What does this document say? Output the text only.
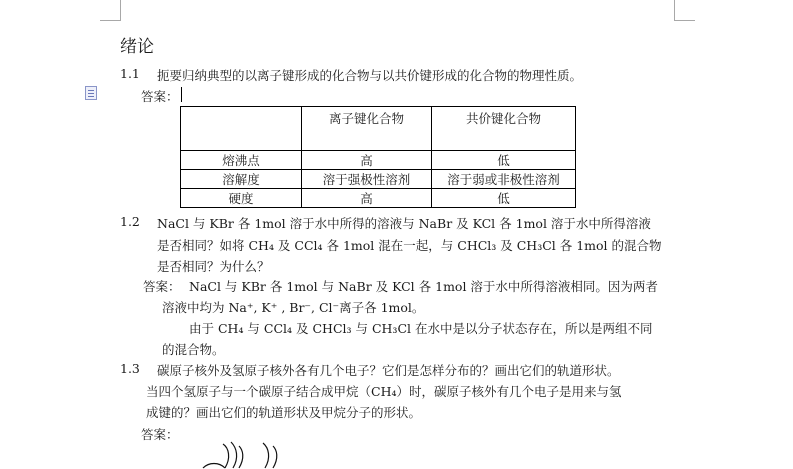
绪论
1.1 扼要归纳典型的以离子键形成的化合物与以共价键形成的化合物的物理性质。
答案：
	离子键化合物	共价键化合物
熔沸点	高	低
溶解度	溶于强极性溶剂	溶于弱或非极性溶剂
硬度	高	低
1.2 NaCl 与 KBr 各 1mol 溶于水中所得的溶液与 NaBr 及 KCl 各 1mol 溶于水中所得溶液
是否相同？如将 CH₄ 及 CCl₄ 各 1mol 混在一起，与 CHCl₃ 及 CH₃Cl 各 1mol 的混合物
是否相同？为什么？
答案： NaCl 与 KBr 各 1mol 与 NaBr 及 KCl 各 1mol 溶于水中所得溶液相同。因为两者
溶液中均为 Na⁺, K⁺ , Br⁻, Cl⁻离子各 1mol。
由于 CH₄ 与 CCl₄ 及 CHCl₃ 与 CH₃Cl 在水中是以分子状态存在，所以是两组不同
的混合物。
1.3 碳原子核外及氢原子核外各有几个电子？它们是怎样分布的？画出它们的轨道形状。
当四个氢原子与一个碳原子结合成甲烷（CH₄）时，碳原子核外有几个电子是用来与氢
成键的？画出它们的轨道形状及甲烷分子的形状。
答案：
